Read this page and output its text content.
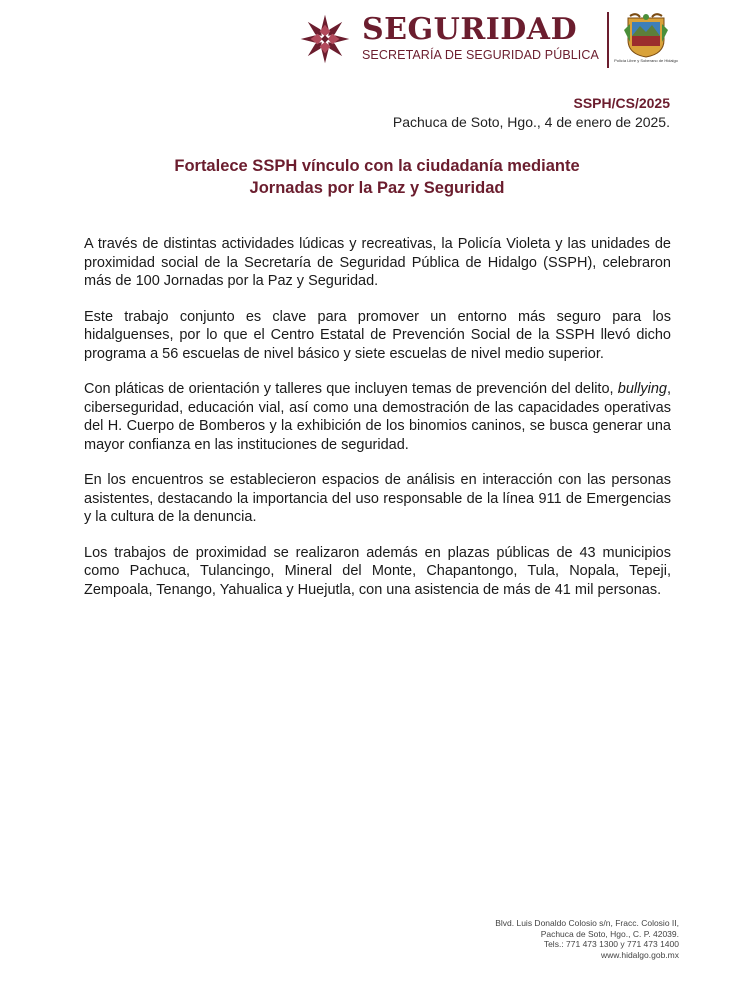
SEGURIDAD
SECRETARÍA DE SEGURIDAD PÚBLICA	Policía Libre y Soberano de Hidalgo
SSPH/CS/2025
Pachuca de Soto, Hgo., 4 de enero de 2025.
Fortalece SSPH vínculo con la ciudadanía mediante
Jornadas por la Paz y Seguridad

A través de distintas actividades lúdicas y recreativas, la Policía Violeta y las unidades de proximidad social de la Secretaría de Seguridad Pública de Hidalgo (SSPH), celebraron más de 100 Jornadas por la Paz y Seguridad.

Este trabajo conjunto es clave para promover un entorno más seguro para los hidalguenses, por lo que el Centro Estatal de Prevención Social de la SSPH llevó dicho programa a 56 escuelas de nivel básico y siete escuelas de nivel medio superior.

Con pláticas de orientación y talleres que incluyen temas de prevención del delito, bullying, ciberseguridad, educación vial, así como una demostración de las capacidades operativas del H. Cuerpo de Bomberos y la exhibición de los binomios caninos, se busca generar una mayor confianza en las instituciones de seguridad.

En los encuentros se establecieron espacios de análisis en interacción con las personas asistentes, destacando la importancia del uso responsable de la línea 911 de Emergencias y la cultura de la denuncia.

Los trabajos de proximidad se realizaron además en plazas públicas de 43 municipios como Pachuca, Tulancingo, Mineral del Monte, Chapantongo, Tula, Nopala, Tepeji, Zempoala, Tenango, Yahualica y Huejutla, con una asistencia de más de 41 mil personas.

Blvd. Luis Donaldo Colosio s/n, Fracc. Colosio II,
Pachuca de Soto, Hgo., C. P. 42039.
Tels.: 771 473 1300 y 771 473 1400
www.hidalgo.gob.mx
